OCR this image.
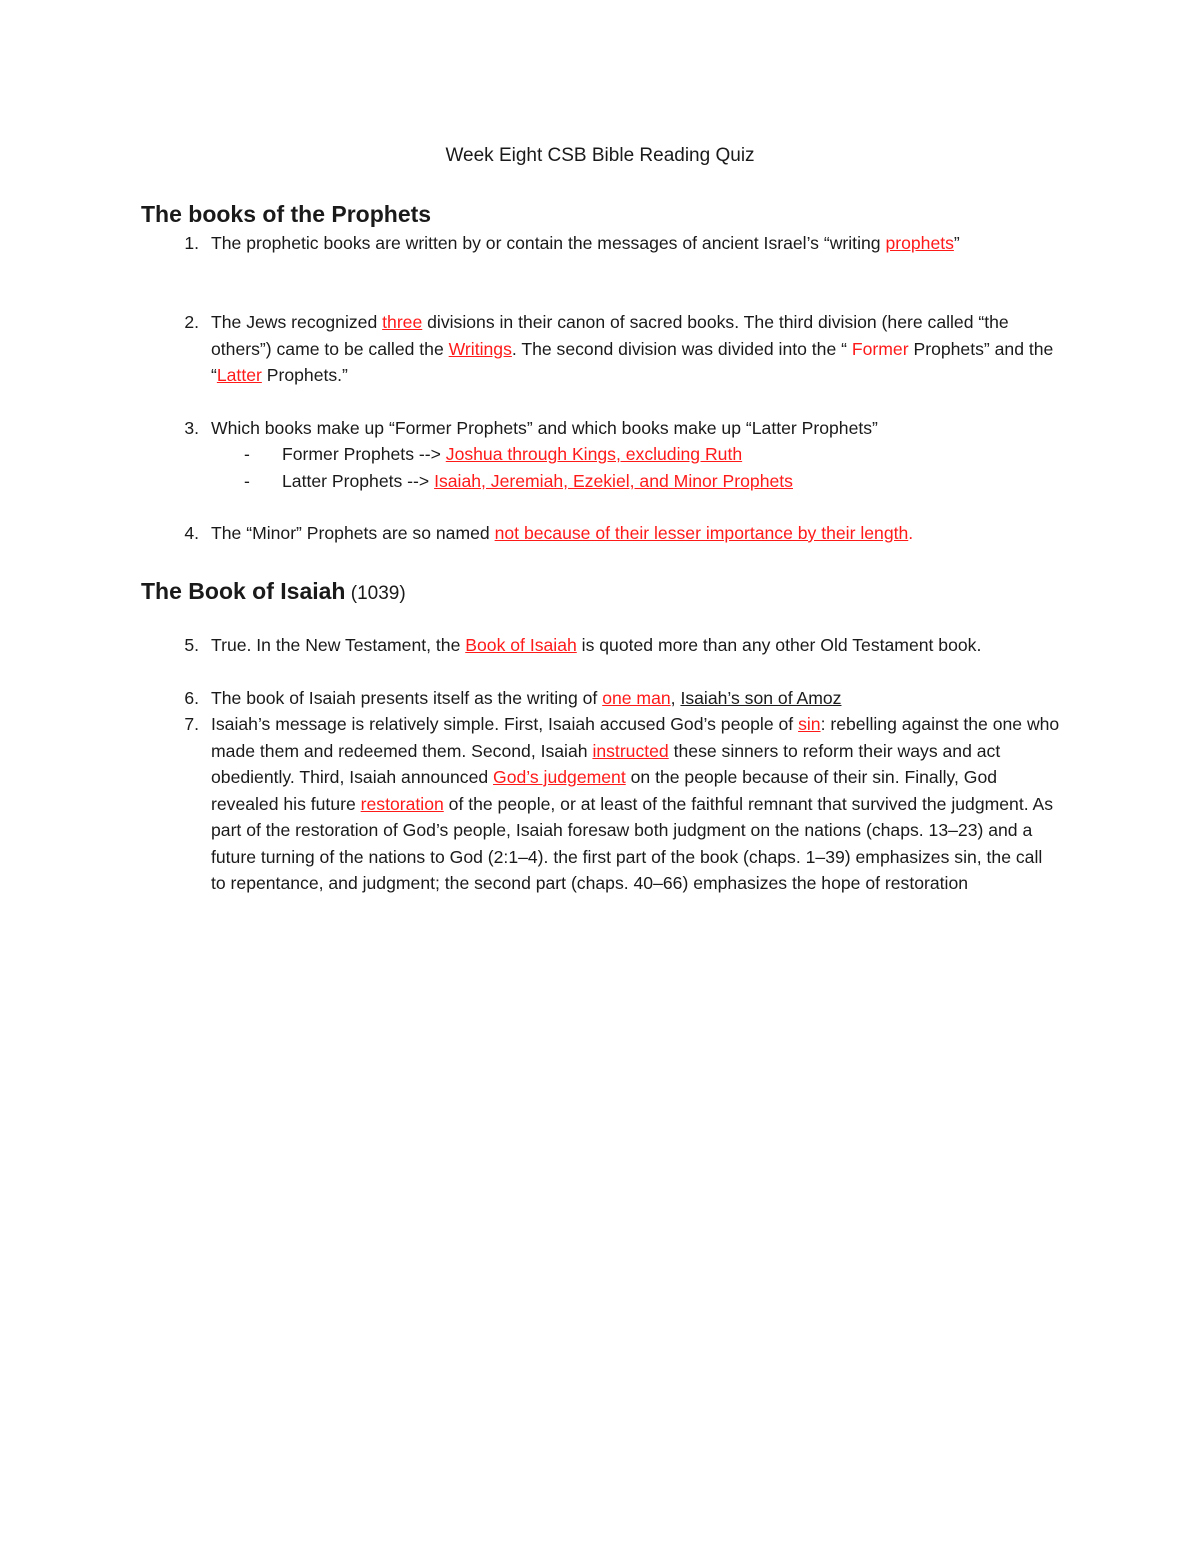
Week Eight CSB Bible Reading Quiz
The books of the Prophets
1. The prophetic books are written by or contain the messages of ancient Israel’s “writing prophets”
2. The Jews recognized three divisions in their canon of sacred books. The third division (here called “the others”) came to be called the Writings. The second division was divided into the “ Former Prophets” and the “Latter Prophets.”
3. Which books make up “Former Prophets” and which books make up “Latter Prophets”
- Former Prophets --> Joshua through Kings, excluding Ruth
- Latter Prophets --> Isaiah, Jeremiah, Ezekiel, and Minor Prophets
4. The “Minor” Prophets are so named not because of their lesser importance by their length.
The Book of Isaiah (1039)
5. True. In the New Testament, the Book of Isaiah is quoted more than any other Old Testament book.
6. The book of Isaiah presents itself as the writing of one man, Isaiah’s son of Amoz
7. Isaiah’s message is relatively simple. First, Isaiah accused God’s people of sin: rebelling against the one who made them and redeemed them. Second, Isaiah instructed these sinners to reform their ways and act obediently. Third, Isaiah announced God’s judgement on the people because of their sin. Finally, God revealed his future restoration of the people, or at least of the faithful remnant that survived the judgment. As part of the restoration of God’s people, Isaiah foresaw both judgment on the nations (chaps. 13–23) and a future turning of the nations to God (2:1–4). the first part of the book (chaps. 1–39) emphasizes sin, the call to repentance, and judgment; the second part (chaps. 40–66) emphasizes the hope of restoration
